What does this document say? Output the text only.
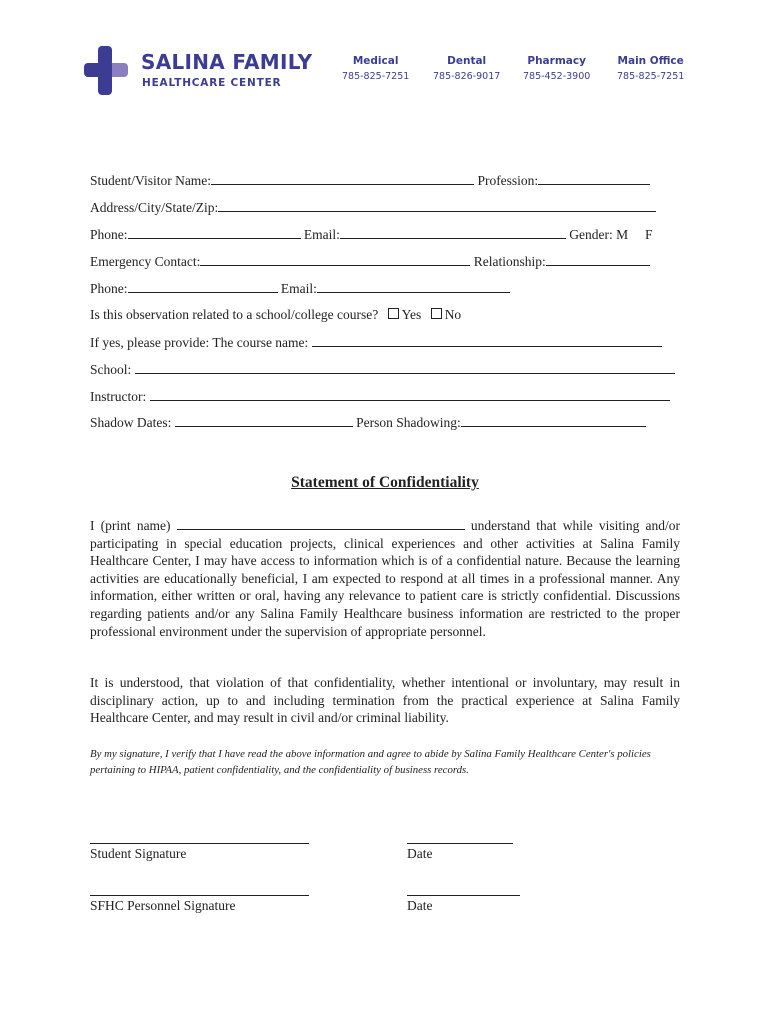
SALINA FAMILY
HEALTHCARE CENTER
Medical
785-825-7251
Dental
785-826-9017
Pharmacy
785-452-3900
Main Office
785-825-7251
Student/Visitor Name:	Profession:
Address/City/State/Zip:
Phone:	Email:	Gender: M F
Emergency Contact:	Relationship:
Phone:	Email:
Is this observation related to a school/college course? Yes No
If yes, please provide: The course name:
School:
Instructor:
Shadow Dates:	Person Shadowing:
Statement of Confidentiality
I (print name)	understand that while visiting and/or participating in special education projects, clinical experiences and other activities at Salina Family Healthcare Center, I may have access to information which is of a confidential nature. Because the learning activities are educationally beneficial, I am expected to respond at all times in a professional manner. Any information, either written or oral, having any relevance to patient care is strictly confidential. Discussions regarding patients and/or any Salina Family Healthcare business information are restricted to the proper professional environment under the supervision of appropriate personnel.
It is understood, that violation of that confidentiality, whether intentional or involuntary, may result in disciplinary action, up to and including termination from the practical experience at Salina Family Healthcare Center, and may result in civil and/or criminal liability.
By my signature, I verify that I have read the above information and agree to abide by Salina Family Healthcare Center's policies pertaining to HIPAA, patient confidentiality, and the confidentiality of business records.
Student Signature	Date
SFHC Personnel Signature	Date
